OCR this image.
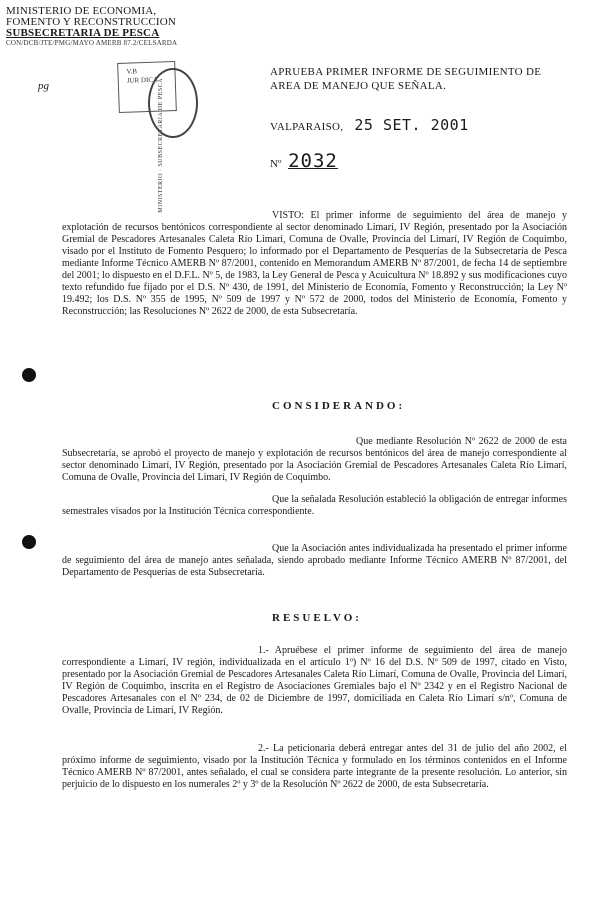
MINISTERIO DE ECONOMIA,
FOMENTO Y RECONSTRUCCION
SUBSECRETARIA DE PESCA
CON/DCB/JTE/PMG/MAYO AMERB 87.2/CELSARDA
pg
V.B
JUR DICA MINISTERIO · SUBSECRETARIA DE PESCA
APRUEBA PRIMER INFORME DE SEGUIMIENTO DE
AREA DE MANEJO QUE SEÑALA.
VALPARAISO, 25 SET. 2001
Nº 2032

VISTO: El primer informe de seguimiento del área de manejo y explotación de recursos bentónicos correspondiente al sector denominado Limarí, IV Región, presentado por la Asociación Gremial de Pescadores Artesanales Caleta Río Limarí, Comuna de Ovalle, Provincia del Limarí, IV Región de Coquimbo, visado por el Instituto de Fomento Pesquero; lo informado por el Departamento de Pesquerías de la Subsecretaría de Pesca mediante Informe Técnico AMERB Nº 87/2001, contenido en Memorandum AMERB Nº 87/2001, de fecha 14 de septiembre del 2001; lo dispuesto en el D.F.L. Nº 5, de 1983, la Ley General de Pesca y Acuicultura Nº 18.892 y sus modificaciones cuyo texto refundido fue fijado por el D.S. Nº 430, de 1991, del Ministerio de Economía, Fomento y Reconstrucción; la Ley Nº 19.492; los D.S. Nº 355 de 1995, Nº 509 de 1997 y Nº 572 de 2000, todos del Ministerio de Economía, Fomento y Reconstrucción; las Resoluciones Nº 2622 de 2000, de esta Subsecretaría.

CONSIDERANDO:

Que mediante Resolución Nº 2622 de 2000 de esta Subsecretaría, se aprobó el proyecto de manejo y explotación de recursos bentónicos del área de manejo correspondiente al sector denominado Limarí, IV Región, presentado por la Asociación Gremial de Pescadores Artesanales Caleta Río Limarí, Comuna de Ovalle, Provincia del Limarí, IV Región de Coquimbo.

Que la señalada Resolución estableció la obligación de entregar informes semestrales visados por la Institución Técnica correspondiente.

Que la Asociación antes individualizada ha presentado el primer informe de seguimiento del área de manejo antes señalada, siendo aprobado mediante Informe Técnico AMERB Nº 87/2001, del Departamento de Pesquerías de esta Subsecretaría.

RESUELVO:

1.- Apruébese el primer informe de seguimiento del área de manejo correspondiente a Limarí, IV región, individualizada en el artículo 1º) Nº 16 del D.S. Nº 509 de 1997, citado en Visto, presentado por la Asociación Gremial de Pescadores Artesanales Caleta Río Limarí, Comuna de Ovalle, Provincia del Limarí, IV Región de Coquimbo, inscrita en el Registro de Asociaciones Gremiales bajo el Nº 2342 y en el Registro Nacional de Pescadores Artesanales con el Nº 234, de 02 de Diciembre de 1997, domiciliada en Caleta Río Limarí s/nº, Comuna de Ovalle, Provincia de Limarí, IV Región.

2.- La peticionaria deberá entregar antes del 31 de julio del año 2002, el próximo informe de seguimiento, visado por la Institución Técnica y formulado en los términos contenidos en el Informe Técnico AMERB Nº 87/2001, antes señalado, el cual se considera parte integrante de la presente resolución. Lo anterior, sin perjuicio de lo dispuesto en los numerales 2º y 3º de la Resolución Nº 2622 de 2000, de esta Subsecretaría.
